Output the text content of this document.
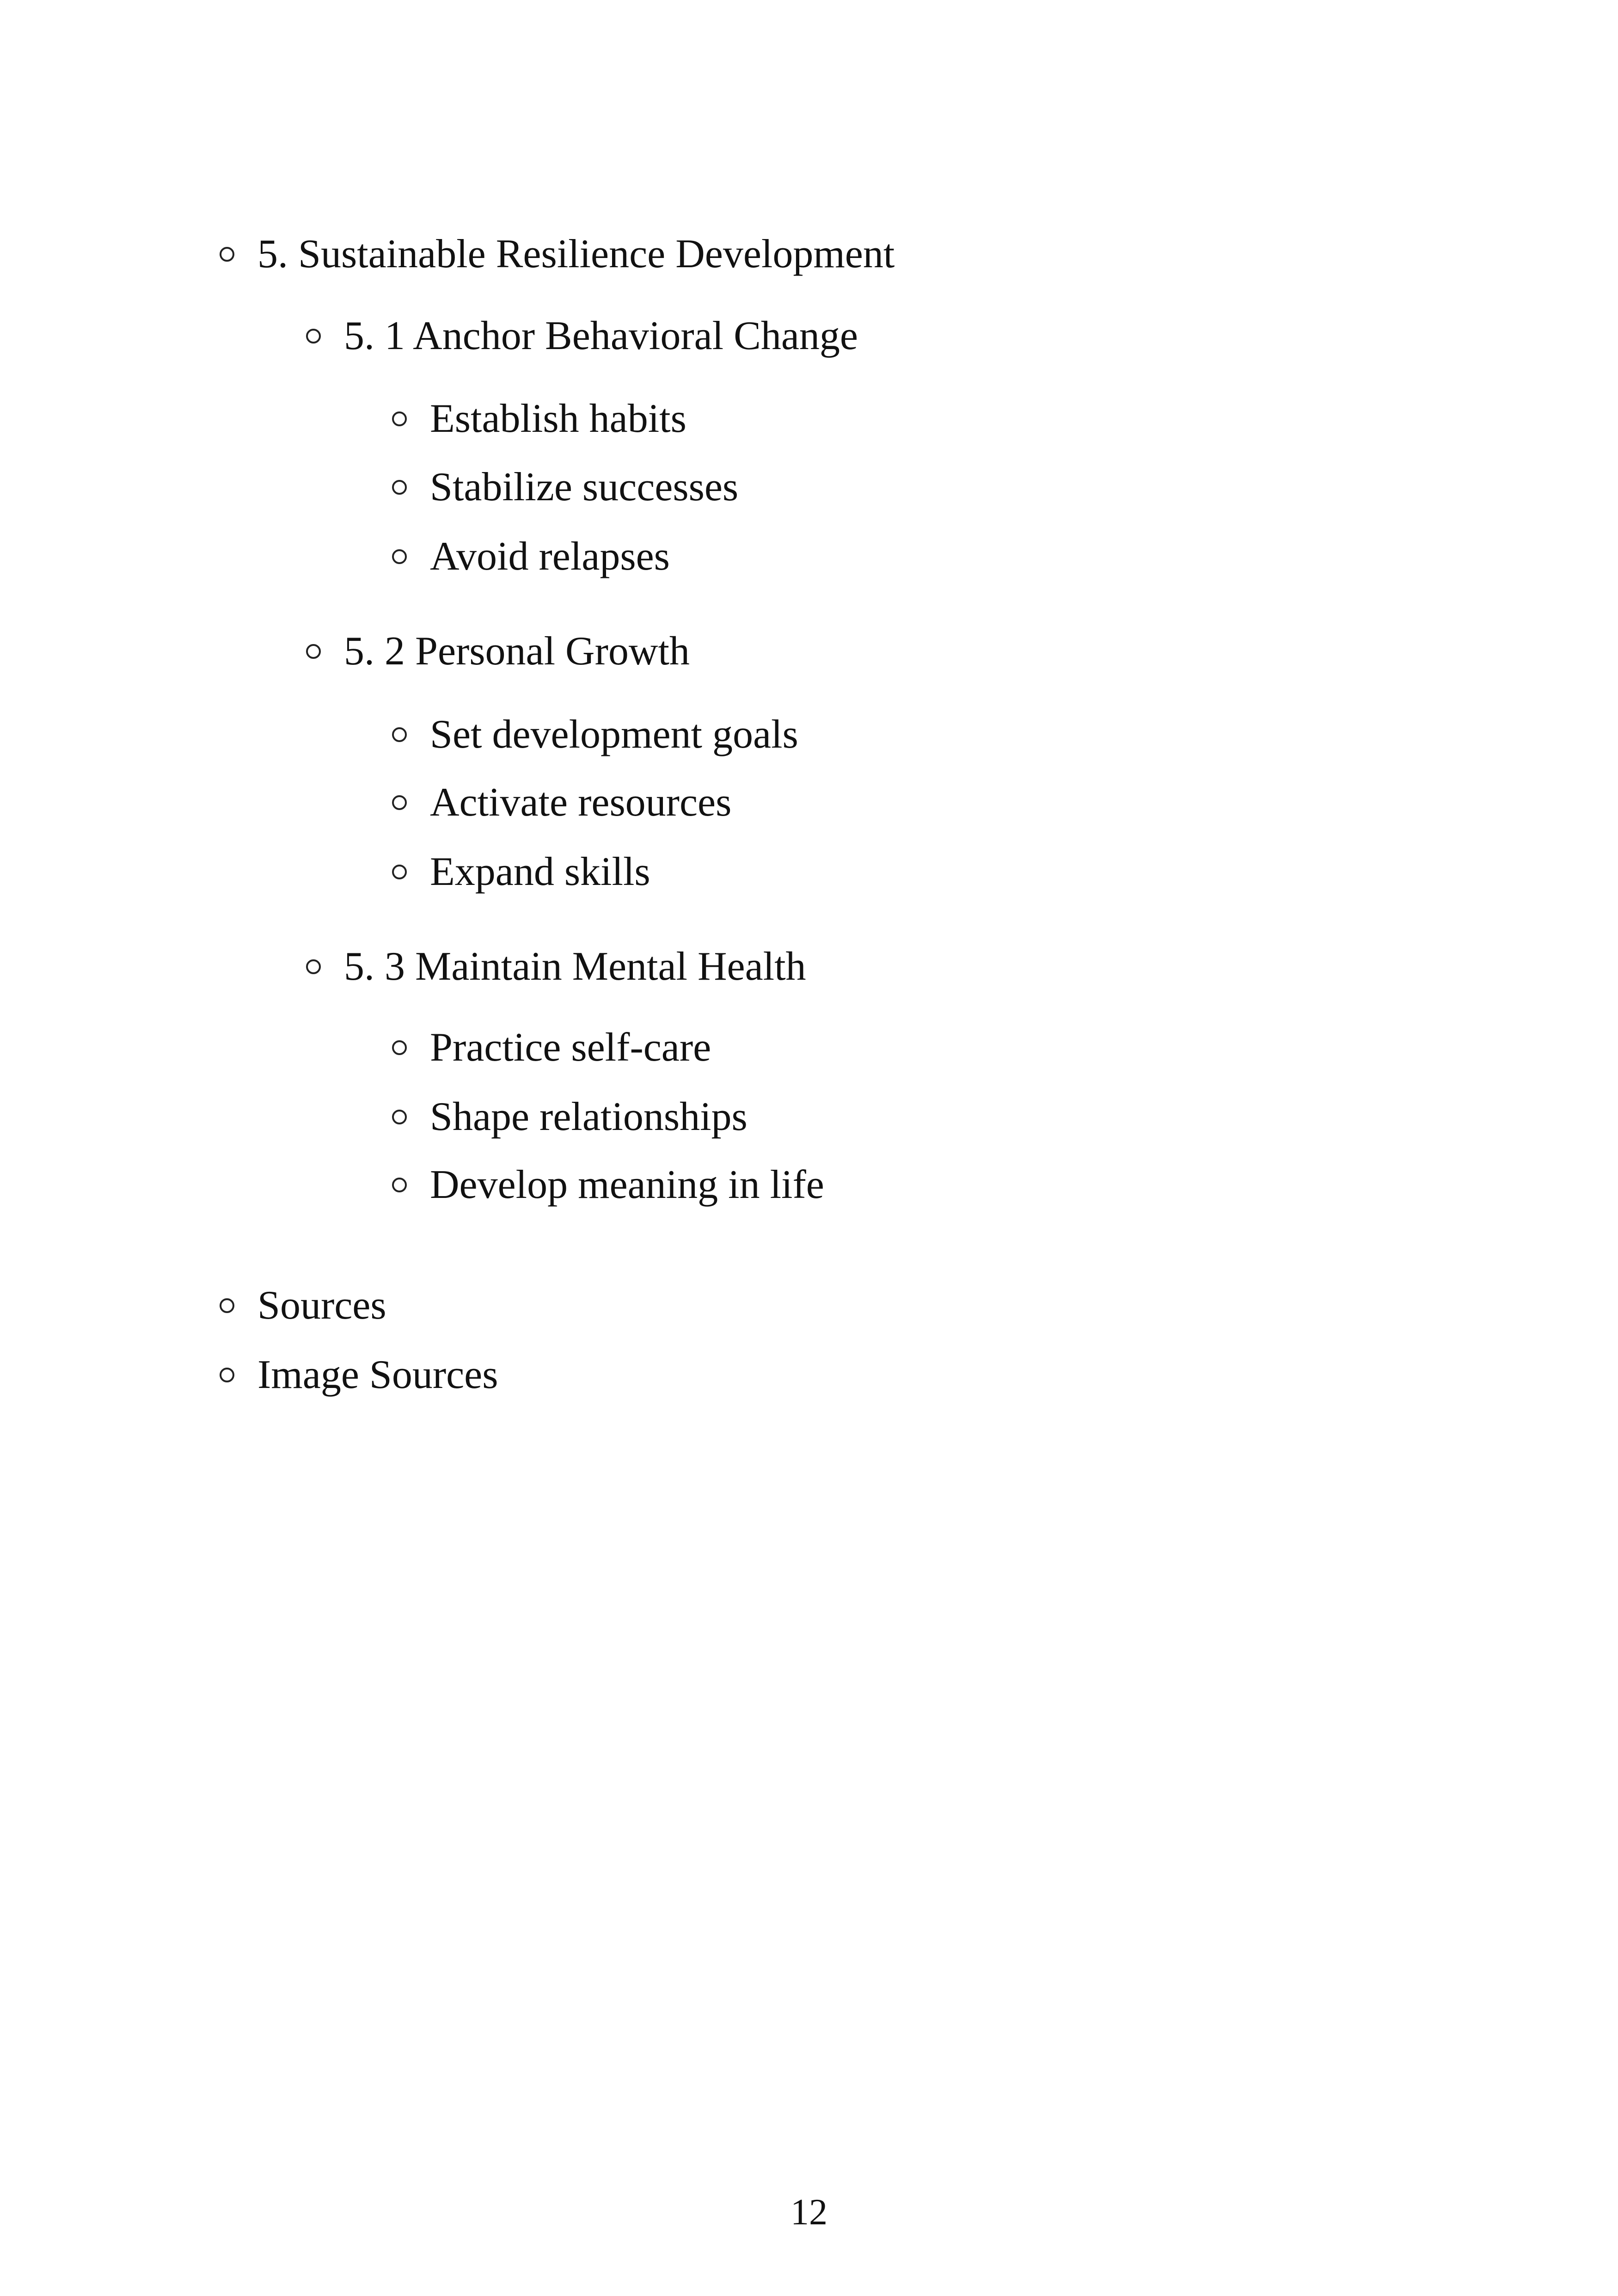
5. Sustainable Resilience Development
5. 1 Anchor Behavioral Change
Establish habits
Stabilize successes
Avoid relapses
5. 2 Personal Growth
Set development goals
Activate resources
Expand skills
5. 3 Maintain Mental Health
Practice self-care
Shape relationships
Develop meaning in life
Sources
Image Sources
12
